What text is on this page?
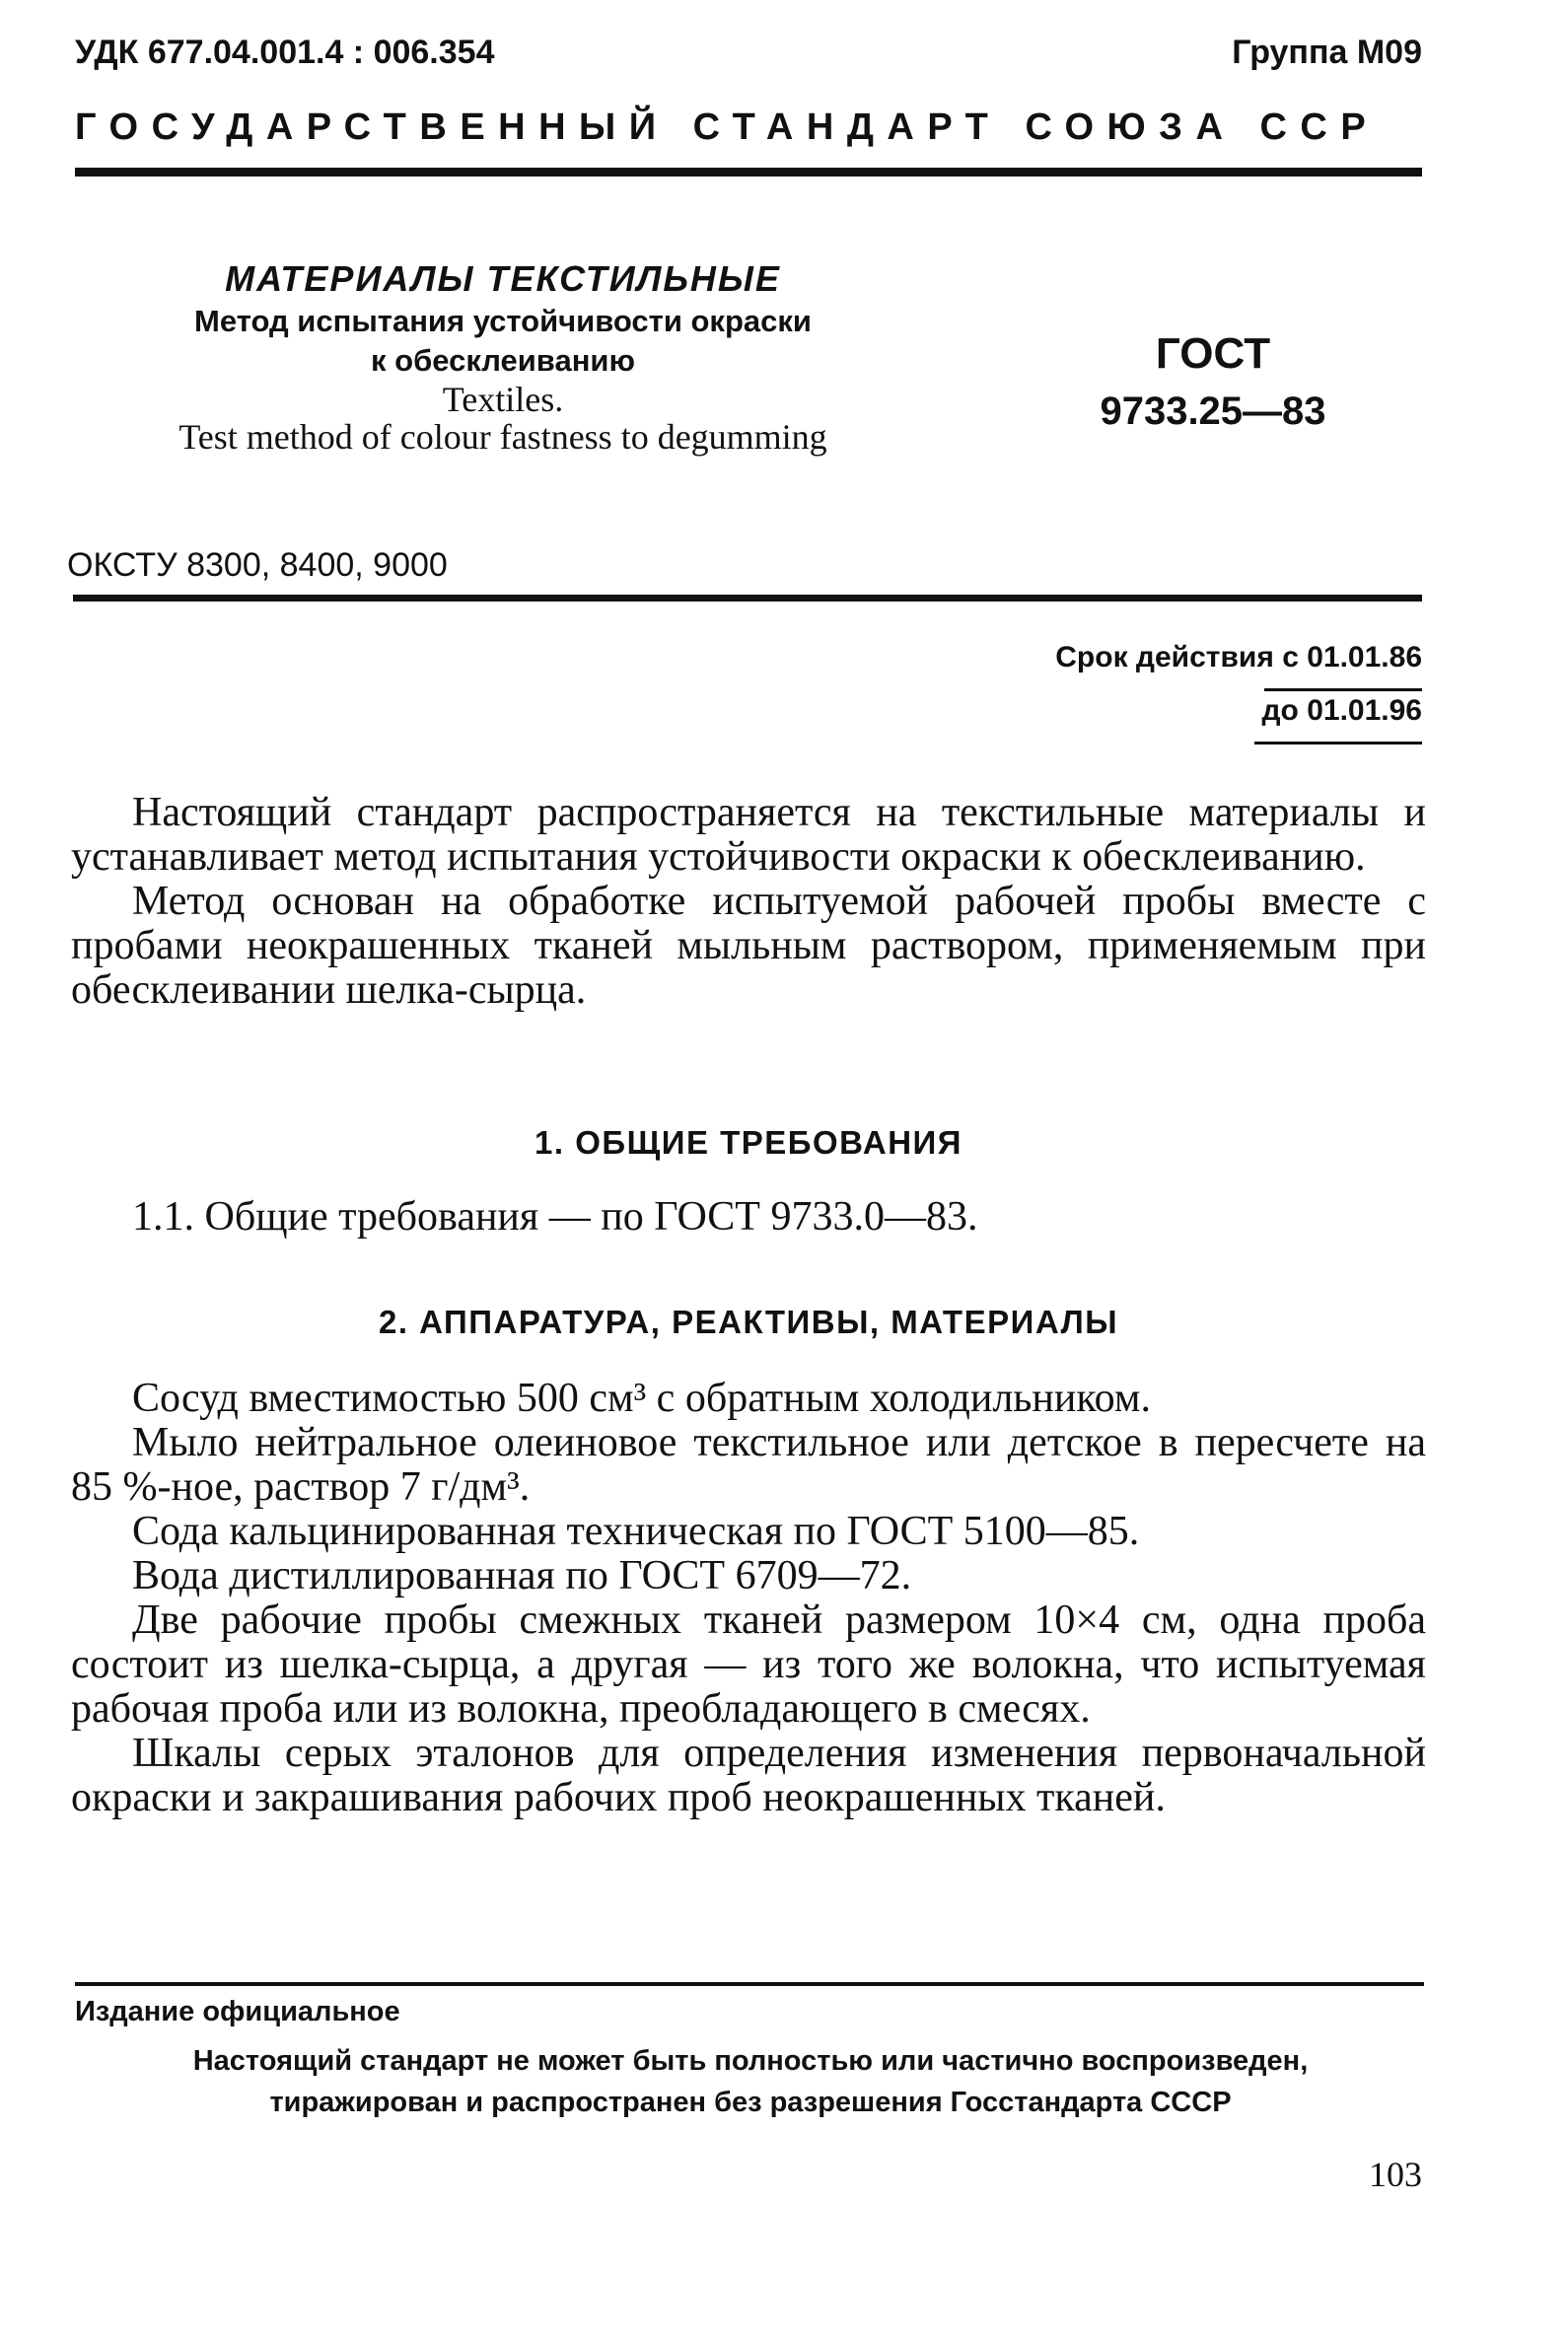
УДК 677.04.001.4 : 006.354	Группа М09
ГОСУДАРСТВЕННЫЙ СТАНДАРТ СОЮЗА ССР
МАТЕРИАЛЫ ТЕКСТИЛЬНЫЕ
Метод испытания устойчивости окраски
к обесклеиванию
Textiles.
Test method of colour fastness to degumming
ГОСТ
9733.25—83
ОКСТУ 8300, 8400, 9000
Срок действия с 01.01.86
до 01.01.96

Настоящий стандарт распространяется на текстильные материалы и устанавливает метод испытания устойчивости окраски к обесклеиванию.

Метод основан на обработке испытуемой рабочей пробы вместе с пробами неокрашенных тканей мыльным раствором, применяемым при обесклеивании шелка-сырца.

1. ОБЩИЕ ТРЕБОВАНИЯ

1.1. Общие требования — по ГОСТ 9733.0—83.

2. АППАРАТУРА, РЕАКТИВЫ, МАТЕРИАЛЫ

Сосуд вместимостью 500 см³ с обратным холодильником.

Мыло нейтральное олеиновое текстильное или детское в пересчете на 85 %-ное, раствор 7 г/дм³.

Сода кальцинированная техническая по ГОСТ 5100—85.

Вода дистиллированная по ГОСТ 6709—72.

Две рабочие пробы смежных тканей размером 10×4 см, одна проба состоит из шелка-сырца, а другая — из того же волокна, что испытуемая рабочая проба или из волокна, преобладающего в смесях.

Шкалы серых эталонов для определения изменения первоначальной окраски и закрашивания рабочих проб неокрашенных тканей.

Издание официальное
Настоящий стандарт не может быть полностью или частично воспроизведен,
тиражирован и распространен без разрешения Госстандарта СССР
103
